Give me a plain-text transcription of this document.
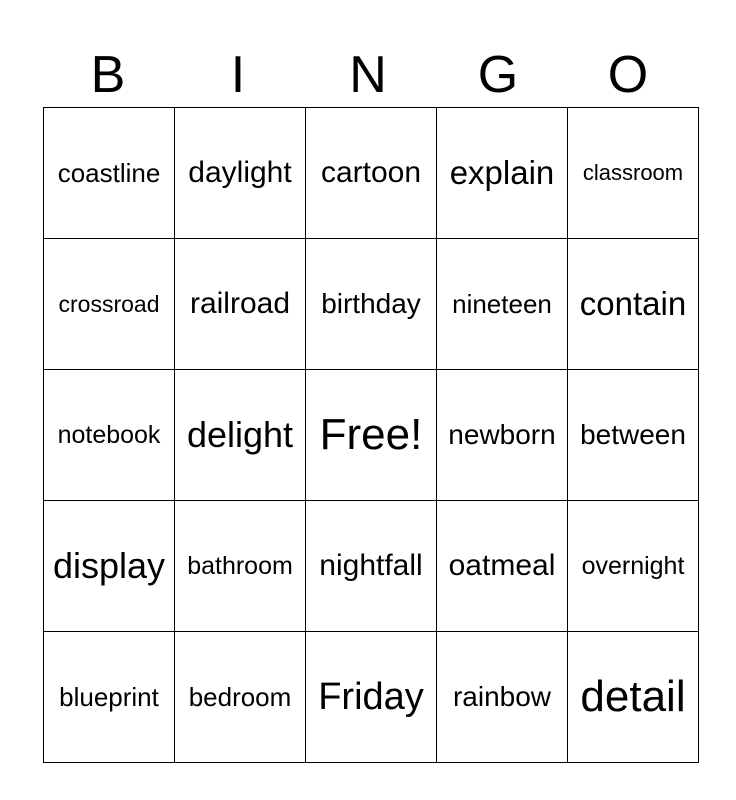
B	I	N	G	O
coastline	daylight	cartoon	explain	classroom
crossroad	railroad	birthday	nineteen	contain
notebook	delight	Free!	newborn	between
display	bathroom	nightfall	oatmeal	overnight
blueprint	bedroom	Friday	rainbow	detail
